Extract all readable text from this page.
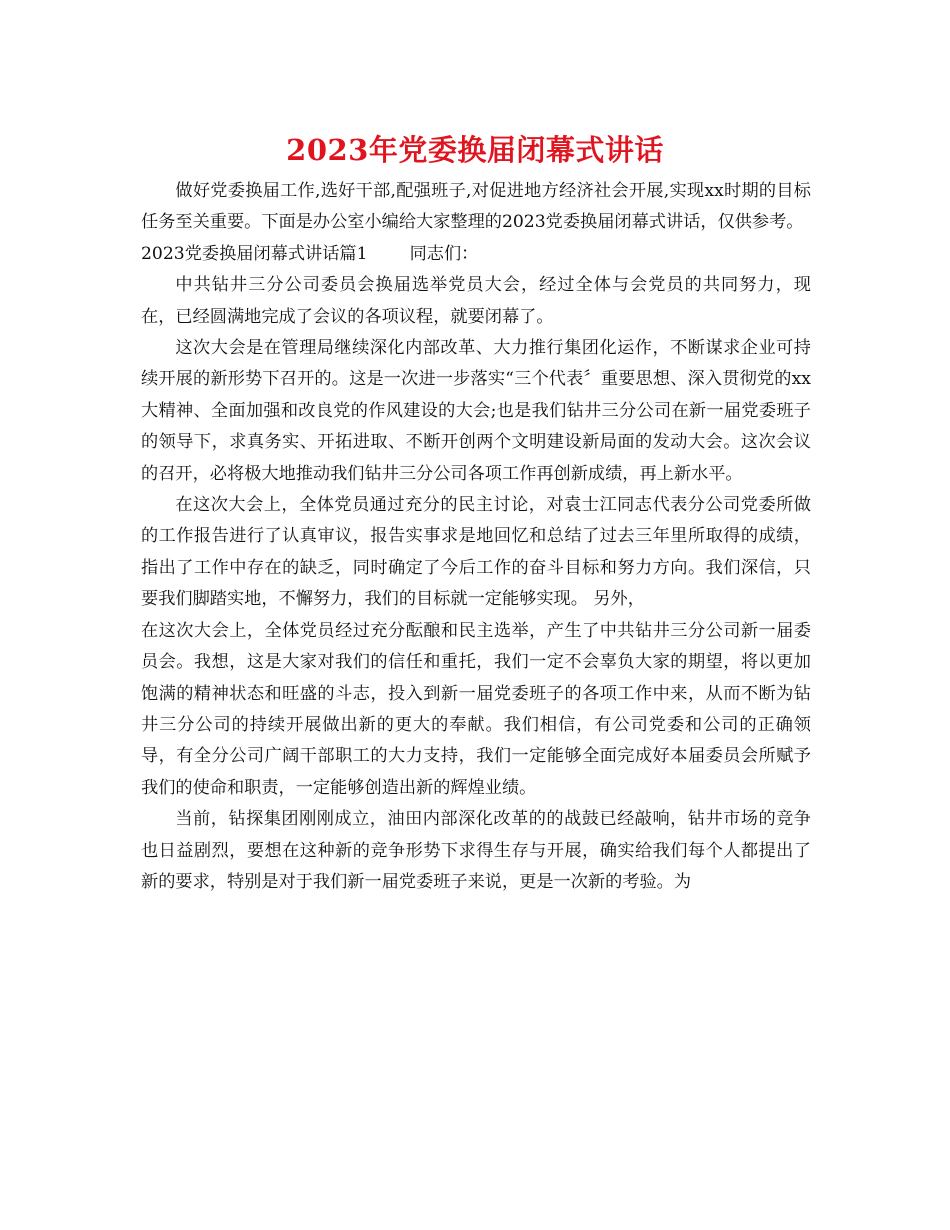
2023年党委换届闭幕式讲话

做好党委换届工作,选好干部,配强班子,对促进地方经济社会开展,实现xx时期的目标任务至关重要。下面是办公室小编给大家整理的2023党委换届闭幕式讲话，仅供参考。

2023党委换届闭幕式讲话篇1 同志们：

中共钻井三分公司委员会换届选举党员大会，经过全体与会党员的共同努力，现在，已经圆满地完成了会议的各项议程，就要闭幕了。

这次大会是在管理局继续深化内部改革、大力推行集团化运作，不断谋求企业可持续开展的新形势下召开的。这是一次进一步落实“三个代表〞重要思想、深入贯彻党的xx大精神、全面加强和改良党的作风建设的大会;也是我们钻井三分公司在新一届党委班子的领导下，求真务实、开拓进取、不断开创两个文明建设新局面的发动大会。这次会议的召开，必将极大地推动我们钻井三分公司各项工作再创新成绩，再上新水平。

在这次大会上，全体党员通过充分的民主讨论，对袁士江同志代表分公司党委所做的工作报告进行了认真审议，报告实事求是地回忆和总结了过去三年里所取得的成绩，指出了工作中存在的缺乏，同时确定了今后工作的奋斗目标和努力方向。我们深信，只要我们脚踏实地，不懈努力，我们的目标就一定能够实现。 另外，

在这次大会上，全体党员经过充分酝酿和民主选举，产生了中共钻井三分公司新一届委员会。我想，这是大家对我们的信任和重托，我们一定不会辜负大家的期望，将以更加饱满的精神状态和旺盛的斗志，投入到新一届党委班子的各项工作中来，从而不断为钻井三分公司的持续开展做出新的更大的奉献。我们相信，有公司党委和公司的正确领导，有全分公司广阔干部职工的大力支持，我们一定能够全面完成好本届委员会所赋予我们的使命和职责，一定能够创造出新的辉煌业绩。

当前，钻探集团刚刚成立，油田内部深化改革的的战鼓已经敲响，钻井市场的竞争也日益剧烈，要想在这种新的竞争形势下求得生存与开展，确实给我们每个人都提出了新的要求，特别是对于我们新一届党委班子来说，更是一次新的考验。为
